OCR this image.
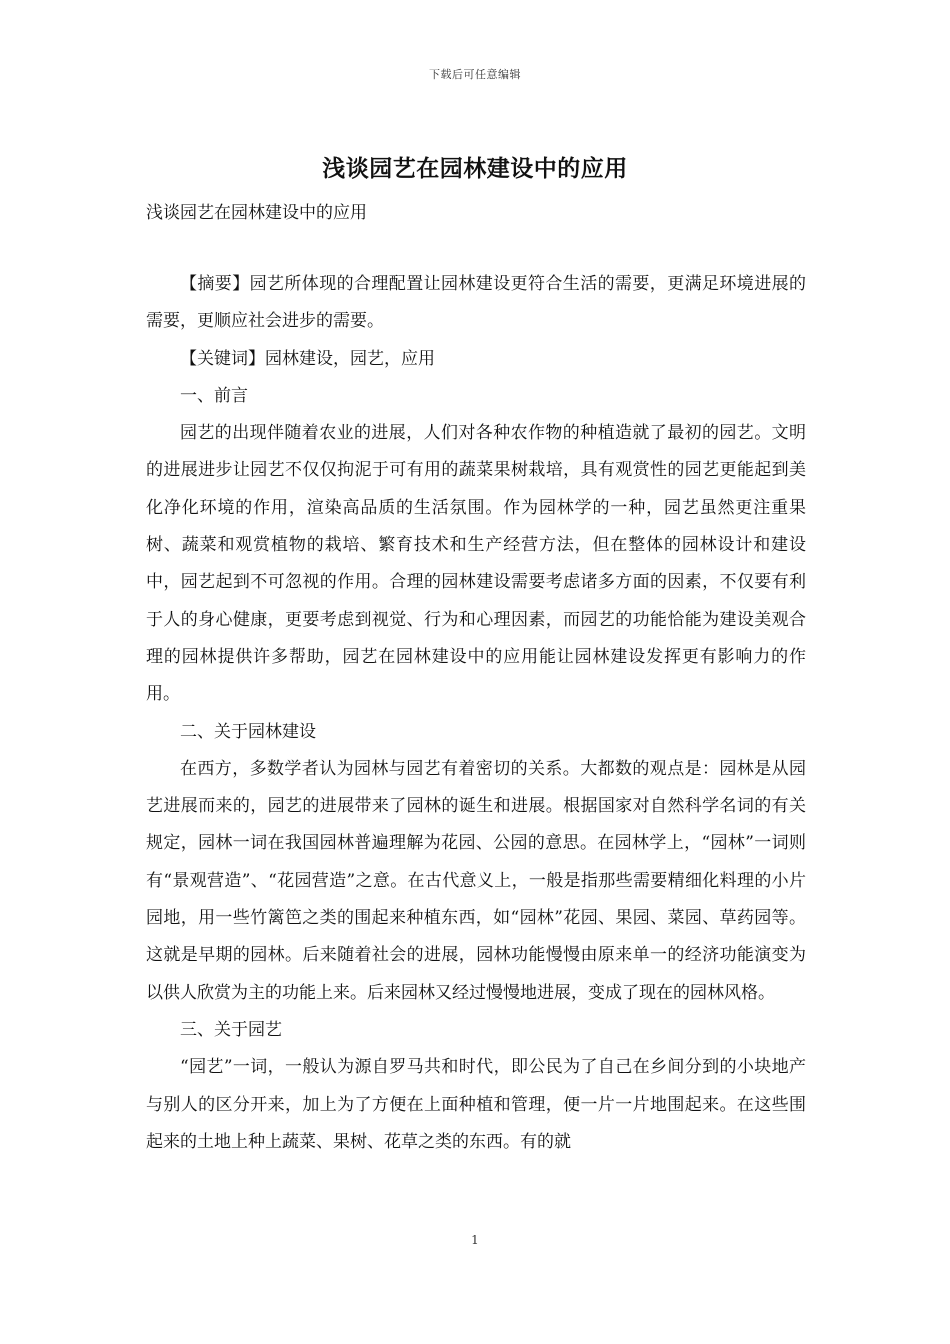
下载后可任意编辑
浅谈园艺在园林建设中的应用
浅谈园艺在园林建设中的应用

【摘要】园艺所体现的合理配置让园林建设更符合生活的需要，更满足环境进展的需要，更顺应社会进步的需要。

【关键词】园林建设，园艺，应用

一、前言

园艺的出现伴随着农业的进展，人们对各种农作物的种植造就了最初的园艺。文明的进展进步让园艺不仅仅拘泥于可有用的蔬菜果树栽培，具有观赏性的园艺更能起到美化净化环境的作用，渲染高品质的生活氛围。作为园林学的一种，园艺虽然更注重果树、蔬菜和观赏植物的栽培、繁育技术和生产经营方法，但在整体的园林设计和建设中，园艺起到不可忽视的作用。合理的园林建设需要考虑诸多方面的因素，不仅要有利于人的身心健康，更要考虑到视觉、行为和心理因素，而园艺的功能恰能为建设美观合理的园林提供许多帮助，园艺在园林建设中的应用能让园林建设发挥更有影响力的作用。

二、关于园林建设

在西方，多数学者认为园林与园艺有着密切的关系。大都数的观点是：园林是从园艺进展而来的，园艺的进展带来了园林的诞生和进展。根据国家对自然科学名词的有关规定，园林一词在我国园林普遍理解为花园、公园的意思。在园林学上，“园林”一词则有“景观营造”、“花园营造”之意。在古代意义上，一般是指那些需要精细化料理的小片园地，用一些竹篱笆之类的围起来种植东西，如“园林”花园、果园、菜园、草药园等。这就是早期的园林。后来随着社会的进展，园林功能慢慢由原来单一的经济功能演变为以供人欣赏为主的功能上来。后来园林又经过慢慢地进展，变成了现在的园林风格。

三、关于园艺

“园艺”一词，一般认为源自罗马共和时代，即公民为了自己在乡间分到的小块地产与别人的区分开来，加上为了方便在上面种植和管理，便一片一片地围起来。在这些围起来的土地上种上蔬菜、果树、花草之类的东西。有的就

1
